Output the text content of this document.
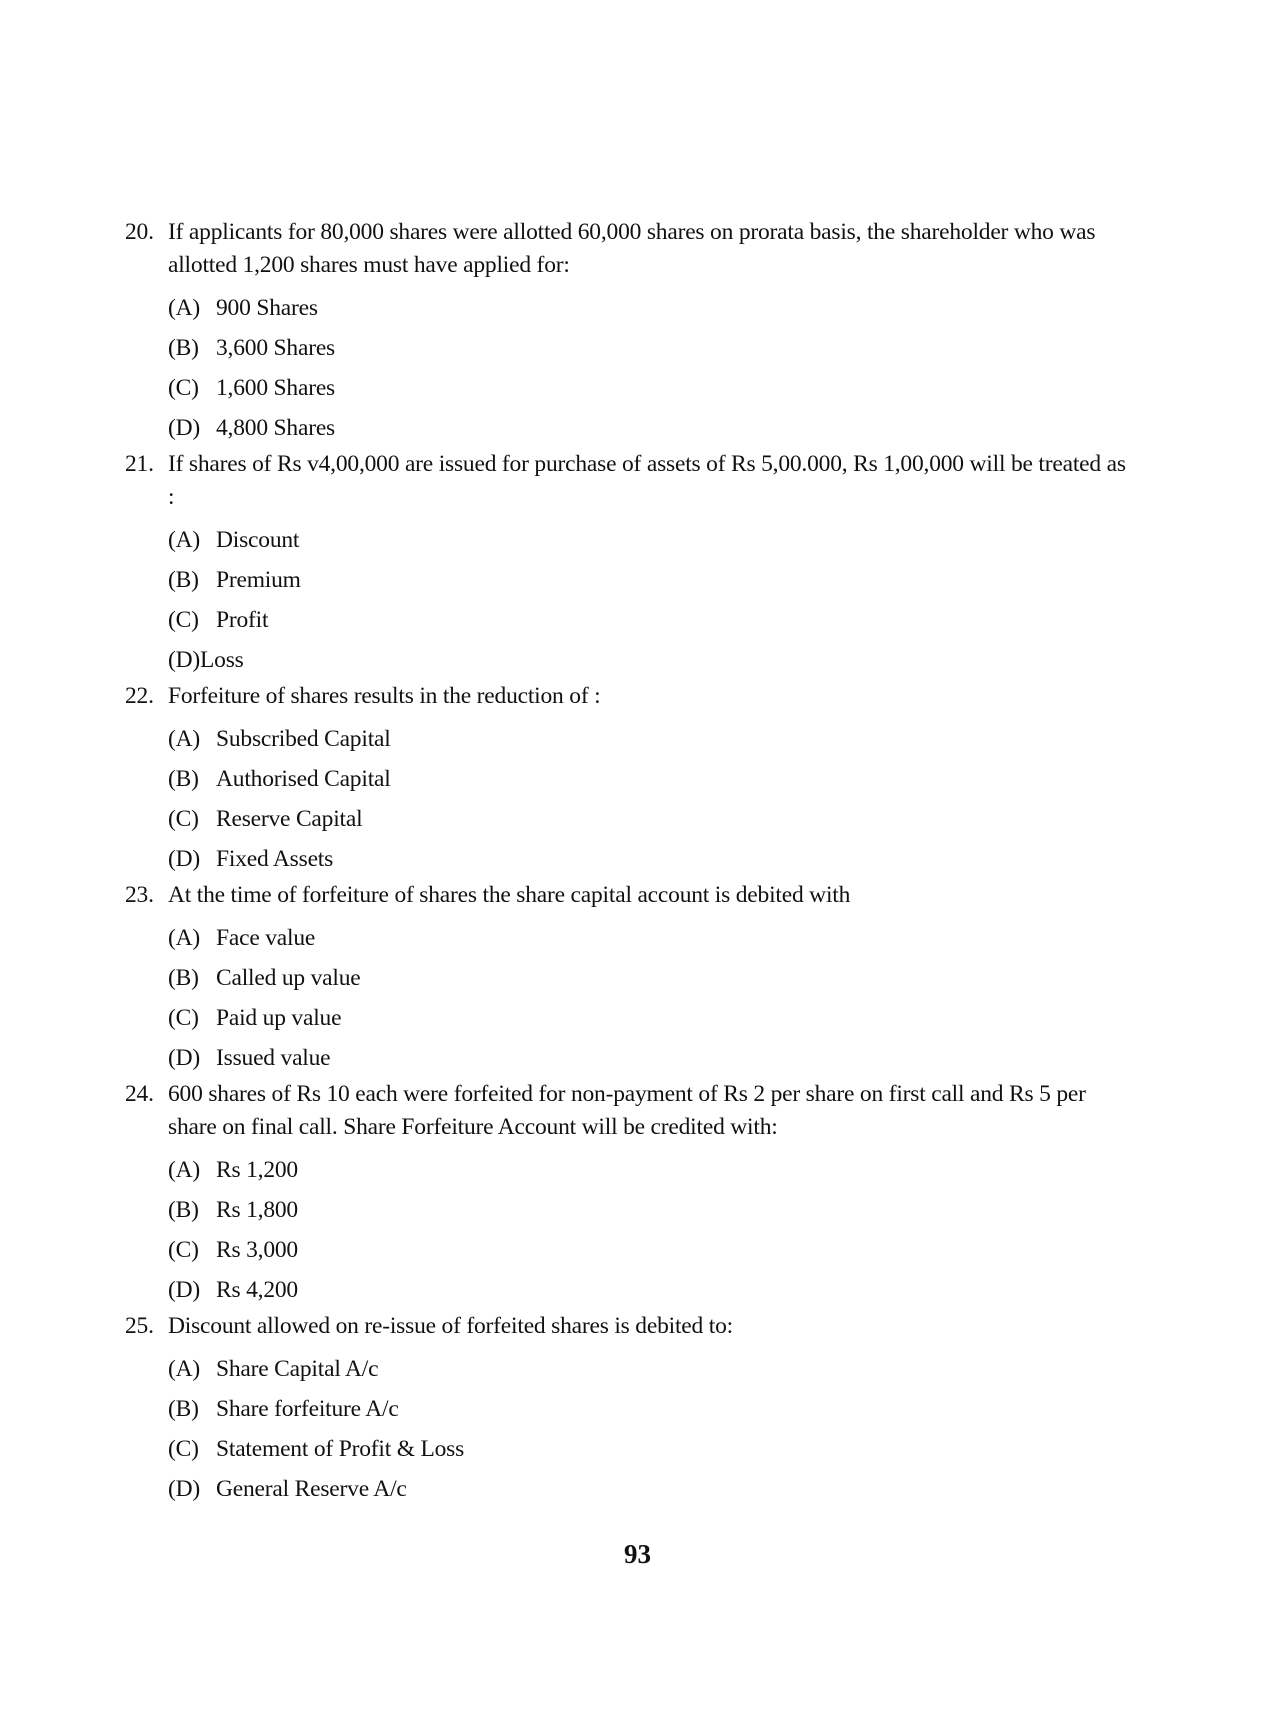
20. If applicants for 80,000 shares were allotted 60,000 shares on prorata basis, the shareholder who was allotted 1,200 shares must have applied for:
(A) 900 Shares
(B) 3,600 Shares
(C) 1,600 Shares
(D) 4,800 Shares
21. If shares of Rs v4,00,000 are issued for purchase of assets of Rs 5,00.000, Rs 1,00,000 will be treated as :
(A) Discount
(B) Premium
(C) Profit
(D) Loss
22. Forfeiture of shares results in the reduction of :
(A) Subscribed Capital
(B) Authorised Capital
(C) Reserve Capital
(D) Fixed Assets
23. At the time of forfeiture of shares the share capital account is debited with
(A) Face value
(B) Called up value
(C) Paid up value
(D) Issued value
24. 600 shares of Rs 10 each were forfeited for non-payment of Rs 2 per share on first call and Rs 5 per share on final call. Share Forfeiture Account will be credited with:
(A) Rs 1,200
(B) Rs 1,800
(C) Rs 3,000
(D) Rs 4,200
25. Discount allowed on re-issue of forfeited shares is debited to:
(A) Share Capital A/c
(B) Share forfeiture A/c
(C) Statement of Profit & Loss
(D) General Reserve A/c
93
